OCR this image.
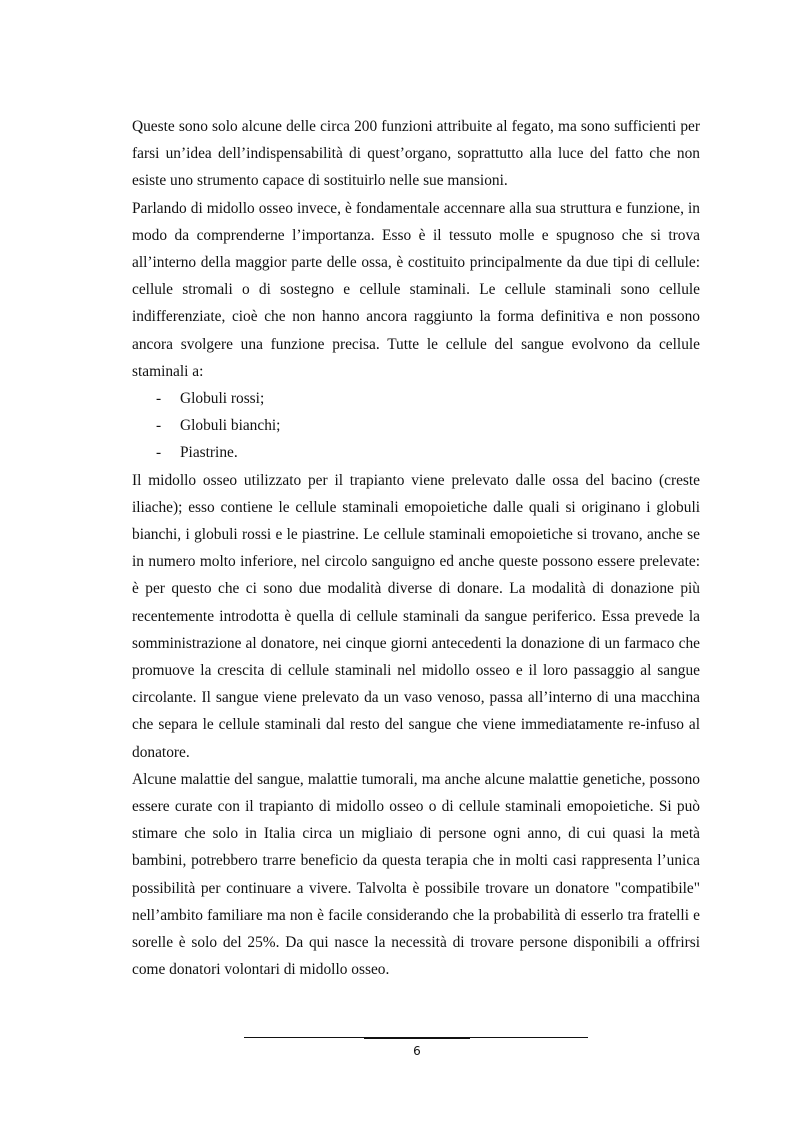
Queste sono solo alcune delle circa 200 funzioni attribuite al fegato, ma sono sufficienti per farsi un’idea dell’indispensabilità di quest’organo, soprattutto alla luce del fatto che non esiste uno strumento capace di sostituirlo nelle sue mansioni.

Parlando di midollo osseo invece, è fondamentale accennare alla sua struttura e funzione, in modo da comprenderne l’importanza. Esso è il tessuto molle e spugnoso che si trova all’interno della maggior parte delle ossa, è costituito principalmente da due tipi di cellule: cellule stromali o di sostegno e cellule staminali. Le cellule staminali sono cellule indifferenziate, cioè che non hanno ancora raggiunto la forma definitiva e non possono ancora svolgere una funzione precisa. Tutte le cellule del sangue evolvono da cellule staminali a:

- Globuli rossi;
- Globuli bianchi;
- Piastrine.

Il midollo osseo utilizzato per il trapianto viene prelevato dalle ossa del bacino (creste iliache); esso contiene le cellule staminali emopoietiche dalle quali si originano i globuli bianchi, i globuli rossi e le piastrine. Le cellule staminali emopoietiche si trovano, anche se in numero molto inferiore, nel circolo sanguigno ed anche queste possono essere prelevate: è per questo che ci sono due modalità diverse di donare. La modalità di donazione più recentemente introdotta è quella di cellule staminali da sangue periferico. Essa prevede la somministrazione al donatore, nei cinque giorni antecedenti la donazione di un farmaco che promuove la crescita di cellule staminali nel midollo osseo e il loro passaggio al sangue circolante. Il sangue viene prelevato da un vaso venoso, passa all’interno di una macchina che separa le cellule staminali dal resto del sangue che viene immediatamente re-infuso al donatore.

Alcune malattie del sangue, malattie tumorali, ma anche alcune malattie genetiche, possono essere curate con il trapianto di midollo osseo o di cellule staminali emopoietiche. Si può stimare che solo in Italia circa un migliaio di persone ogni anno, di cui quasi la metà bambini, potrebbero trarre beneficio da questa terapia che in molti casi rappresenta l’unica possibilità per continuare a vivere. Talvolta è possibile trovare un donatore "compatibile" nell’ambito familiare ma non è facile considerando che la probabilità di esserlo tra fratelli e sorelle è solo del 25%. Da qui nasce la necessità di trovare persone disponibili a offrirsi come donatori volontari di midollo osseo.

6
